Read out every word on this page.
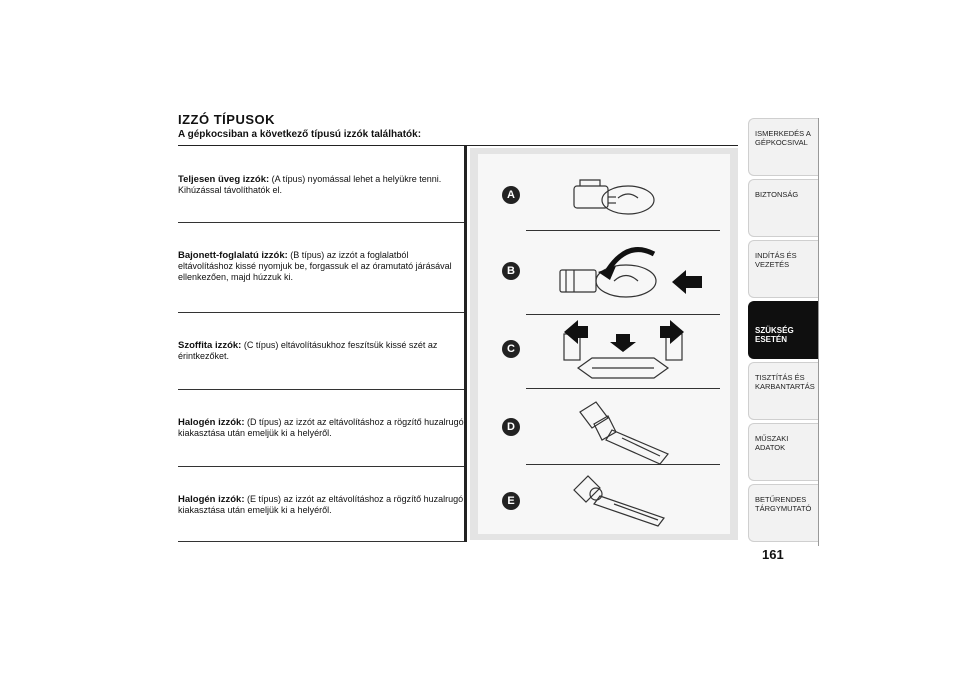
IZZÓ TÍPUSOK
A gépkocsiban a következő típusú izzók találhatók:
Teljesen üveg izzók: (A típus) nyomással lehet a helyükre tenni. Kihúzással távolíthatók el.
Bajonett-foglalatú izzók: (B típus) az izzót a foglalatból eltávolításhoz kissé nyomjuk be, forgassuk el az óramutató járásával ellenkezően, majd húzzuk ki.
Szoffita izzók: (C típus) eltávolításukhoz feszítsük kissé szét az érintkezőket.
Halogén izzók: (D típus) az izzót az eltávolításhoz a rögzítő huzalrugó kiakasztása után emeljük ki a helyéről.
Halogén izzók: (E típus) az izzót az eltávolításhoz a rögzítő huzalrugó kiakasztása után emeljük ki a helyéről.
A
B
C
D
E
ISMERKEDÉS A GÉPKOCSIVAL
BIZTONSÁG
INDÍTÁS ÉS VEZETÉS
SZÜKSÉG ESETÉN
TISZTÍTÁS ÉS KARBANTARTÁS
MŰSZAKI ADATOK
BETŰRENDES TÁRGYMUTATÓ
161
